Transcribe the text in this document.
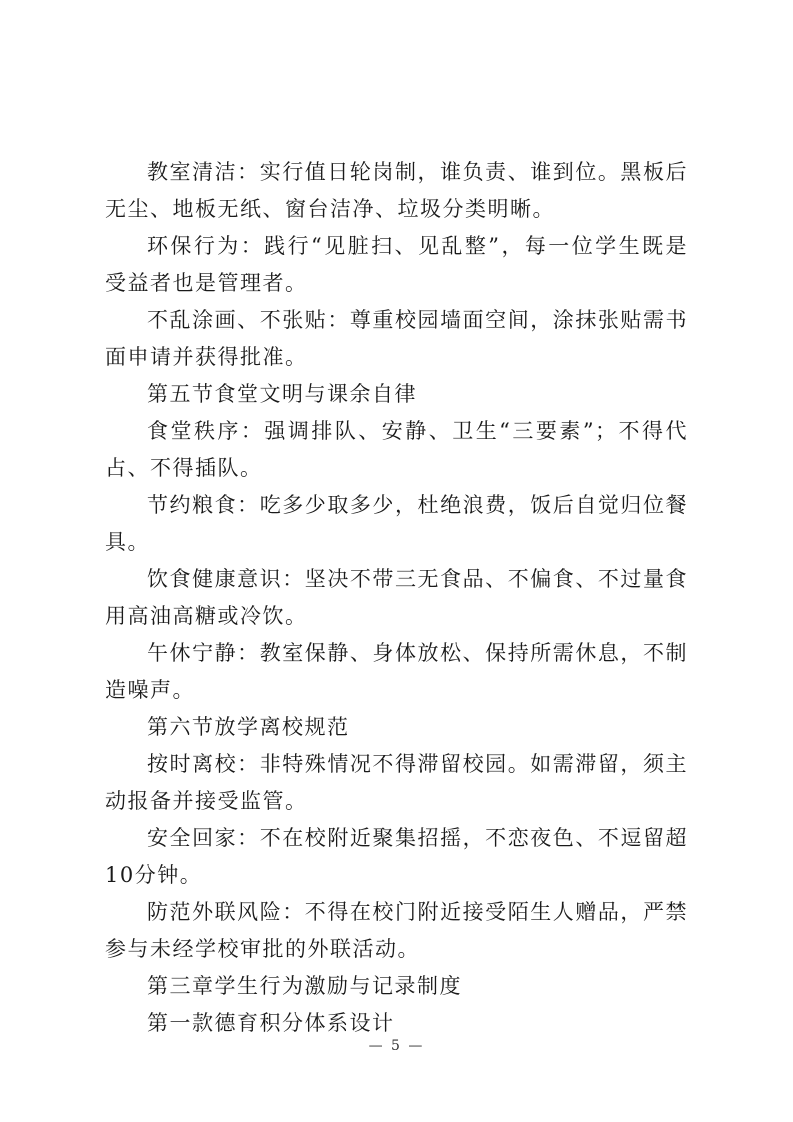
教室清洁：实行值日轮岗制，谁负责、谁到位。黑板后无尘、地板无纸、窗台洁净、垃圾分类明晰。

环保行为：践行“见脏扫、见乱整”，每一位学生既是受益者也是管理者。

不乱涂画、不张贴：尊重校园墙面空间，涂抹张贴需书面申请并获得批准。

第五节食堂文明与课余自律

食堂秩序：强调排队、安静、卫生“三要素”；不得代占、不得插队。

节约粮食：吃多少取多少，杜绝浪费，饭后自觉归位餐具。

饮食健康意识：坚决不带三无食品、不偏食、不过量食用高油高糖或冷饮。

午休宁静：教室保静、身体放松、保持所需休息，不制造噪声。

第六节放学离校规范

按时离校：非特殊情况不得滞留校园。如需滞留，须主动报备并接受监管。

安全回家：不在校附近聚集招摇，不恋夜色、不逗留超10分钟。

防范外联风险：不得在校门附近接受陌生人赠品，严禁参与未经学校审批的外联活动。

第三章学生行为激励与记录制度

第一款德育积分体系设计

— 5 —
